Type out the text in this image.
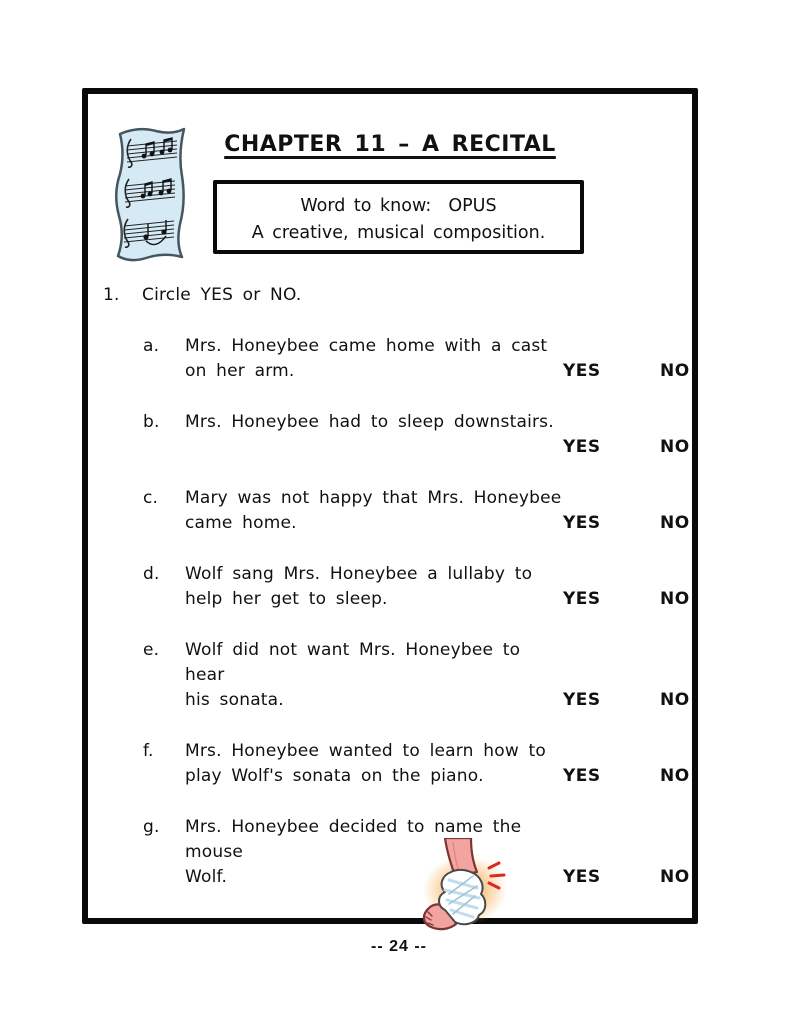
CHAPTER 11 – A RECITAL
Word to know:  OPUS
A creative, musical composition.
1.	Circle YES or NO.
a.	Mrs. Honeybee came home with a cast
on her arm.	YES	NO
b.	Mrs. Honeybee had to sleep downstairs.

YES	NO
c.	Mary was not happy that Mrs. Honeybee
came home.	YES	NO
d.	Wolf sang Mrs. Honeybee a lullaby to
help her get to sleep.	YES	NO
e.	Wolf did not want Mrs. Honeybee to hear
his sonata.	YES	NO
f.	Mrs. Honeybee wanted to learn how to
play Wolf's sonata on the piano.	YES	NO
g.	Mrs. Honeybee decided to name the mouse
Wolf.	YES	NO
-- 24 --
